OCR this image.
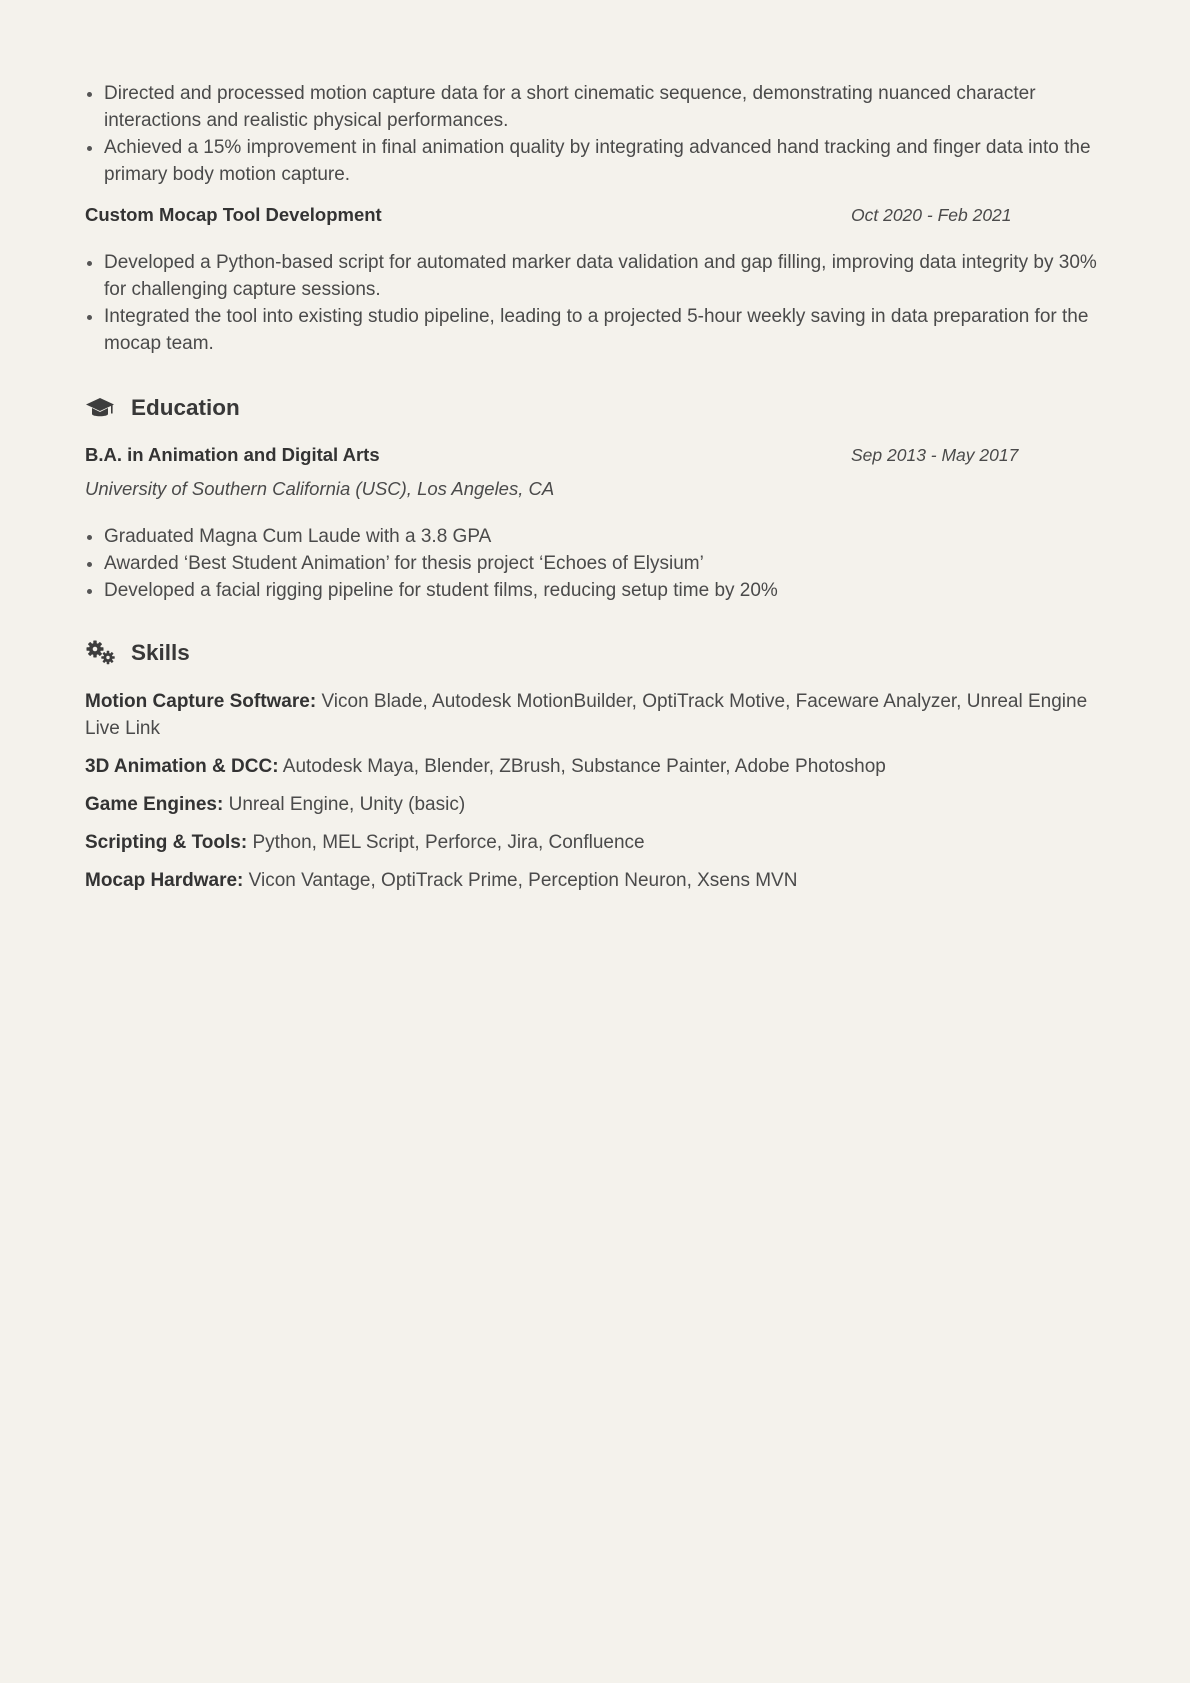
Directed and processed motion capture data for a short cinematic sequence, demonstrating nuanced character interactions and realistic physical performances.
Achieved a 15% improvement in final animation quality by integrating advanced hand tracking and finger data into the primary body motion capture.
Custom Mocap Tool Development	Oct 2020 - Feb 2021
Developed a Python-based script for automated marker data validation and gap filling, improving data integrity by 30% for challenging capture sessions.
Integrated the tool into existing studio pipeline, leading to a projected 5-hour weekly saving in data preparation for the mocap team.
Education
B.A. in Animation and Digital Arts	Sep 2013 - May 2017
University of Southern California (USC), Los Angeles, CA
Graduated Magna Cum Laude with a 3.8 GPA
Awarded ‘Best Student Animation’ for thesis project ‘Echoes of Elysium’
Developed a facial rigging pipeline for student films, reducing setup time by 20%
Skills
Motion Capture Software: Vicon Blade, Autodesk MotionBuilder, OptiTrack Motive, Faceware Analyzer, Unreal Engine Live Link
3D Animation & DCC: Autodesk Maya, Blender, ZBrush, Substance Painter, Adobe Photoshop
Game Engines: Unreal Engine, Unity (basic)
Scripting & Tools: Python, MEL Script, Perforce, Jira, Confluence
Mocap Hardware: Vicon Vantage, OptiTrack Prime, Perception Neuron, Xsens MVN
